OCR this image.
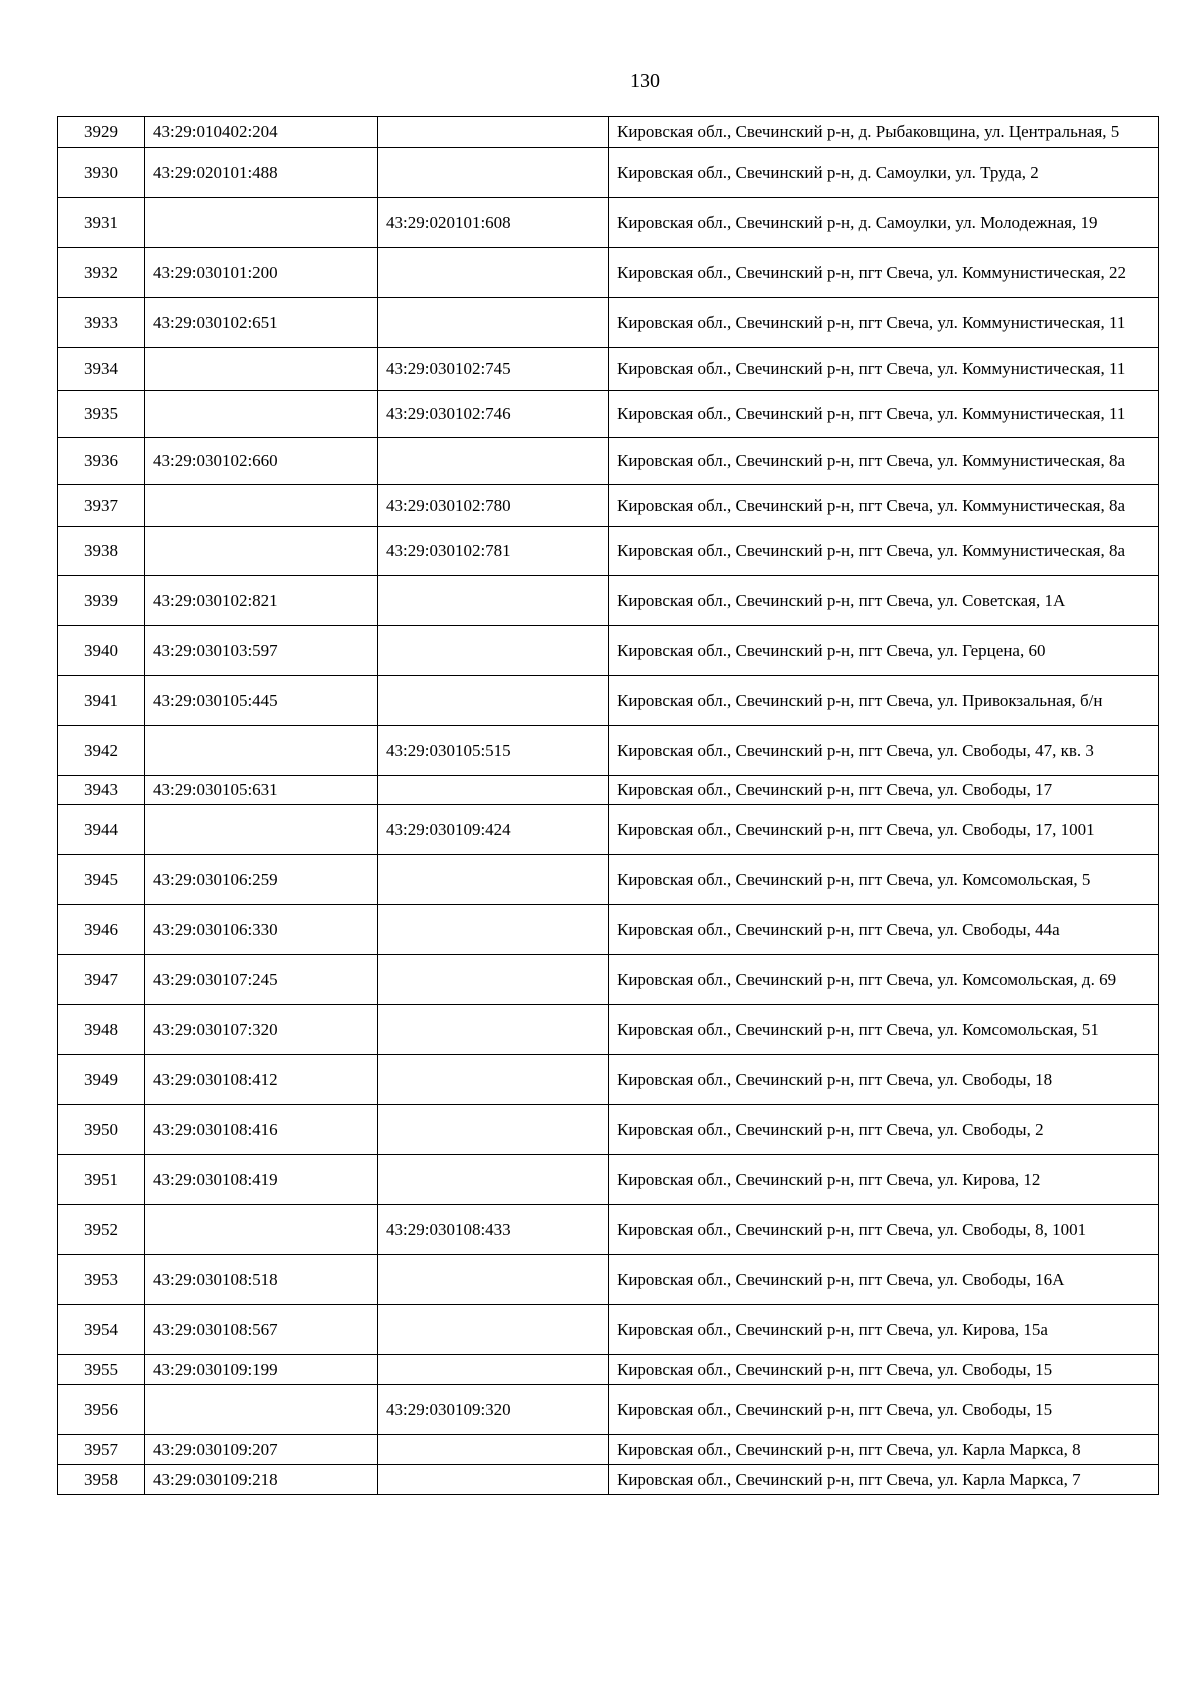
130
3929	43:29:010402:204		Кировская обл., Свечинский р-н, д. Рыбаковщина, ул. Центральная, 5
3930	43:29:020101:488		Кировская обл., Свечинский р-н, д. Самоулки, ул. Труда, 2
3931		43:29:020101:608	Кировская обл., Свечинский р-н, д. Самоулки, ул. Молодежная, 19
3932	43:29:030101:200		Кировская обл., Свечинский р-н, пгт Свеча, ул. Коммунистическая, 22
3933	43:29:030102:651		Кировская обл., Свечинский р-н, пгт Свеча, ул. Коммунистическая, 11
3934		43:29:030102:745	Кировская обл., Свечинский р-н, пгт Свеча, ул. Коммунистическая, 11
3935		43:29:030102:746	Кировская обл., Свечинский р-н, пгт Свеча, ул. Коммунистическая, 11
3936	43:29:030102:660		Кировская обл., Свечинский р-н, пгт Свеча, ул. Коммунистическая, 8а
3937		43:29:030102:780	Кировская обл., Свечинский р-н, пгт Свеча, ул. Коммунистическая, 8а
3938		43:29:030102:781	Кировская обл., Свечинский р-н, пгт Свеча, ул. Коммунистическая, 8а
3939	43:29:030102:821		Кировская обл., Свечинский р-н, пгт Свеча, ул. Советская, 1А
3940	43:29:030103:597		Кировская обл., Свечинский р-н, пгт Свеча, ул. Герцена, 60
3941	43:29:030105:445		Кировская обл., Свечинский р-н, пгт Свеча, ул. Привокзальная, б/н
3942		43:29:030105:515	Кировская обл., Свечинский р-н, пгт Свеча, ул. Свободы, 47, кв. 3
3943	43:29:030105:631		Кировская обл., Свечинский р-н, пгт Свеча, ул. Свободы, 17
3944		43:29:030109:424	Кировская обл., Свечинский р-н, пгт Свеча, ул. Свободы, 17, 1001
3945	43:29:030106:259		Кировская обл., Свечинский р-н, пгт Свеча, ул. Комсомольская, 5
3946	43:29:030106:330		Кировская обл., Свечинский р-н, пгт Свеча, ул. Свободы, 44а
3947	43:29:030107:245		Кировская обл., Свечинский р-н, пгт Свеча, ул. Комсомольская, д. 69
3948	43:29:030107:320		Кировская обл., Свечинский р-н, пгт Свеча, ул. Комсомольская, 51
3949	43:29:030108:412		Кировская обл., Свечинский р-н, пгт Свеча, ул. Свободы, 18
3950	43:29:030108:416		Кировская обл., Свечинский р-н, пгт Свеча, ул. Свободы, 2
3951	43:29:030108:419		Кировская обл., Свечинский р-н, пгт Свеча, ул. Кирова, 12
3952		43:29:030108:433	Кировская обл., Свечинский р-н, пгт Свеча, ул. Свободы, 8, 1001
3953	43:29:030108:518		Кировская обл., Свечинский р-н, пгт Свеча, ул. Свободы, 16А
3954	43:29:030108:567		Кировская обл., Свечинский р-н, пгт Свеча, ул. Кирова, 15а
3955	43:29:030109:199		Кировская обл., Свечинский р-н, пгт Свеча, ул. Свободы, 15
3956		43:29:030109:320	Кировская обл., Свечинский р-н, пгт Свеча, ул. Свободы, 15
3957	43:29:030109:207		Кировская обл., Свечинский р-н, пгт Свеча, ул. Карла Маркса, 8
3958	43:29:030109:218		Кировская обл., Свечинский р-н, пгт Свеча, ул. Карла Маркса, 7
